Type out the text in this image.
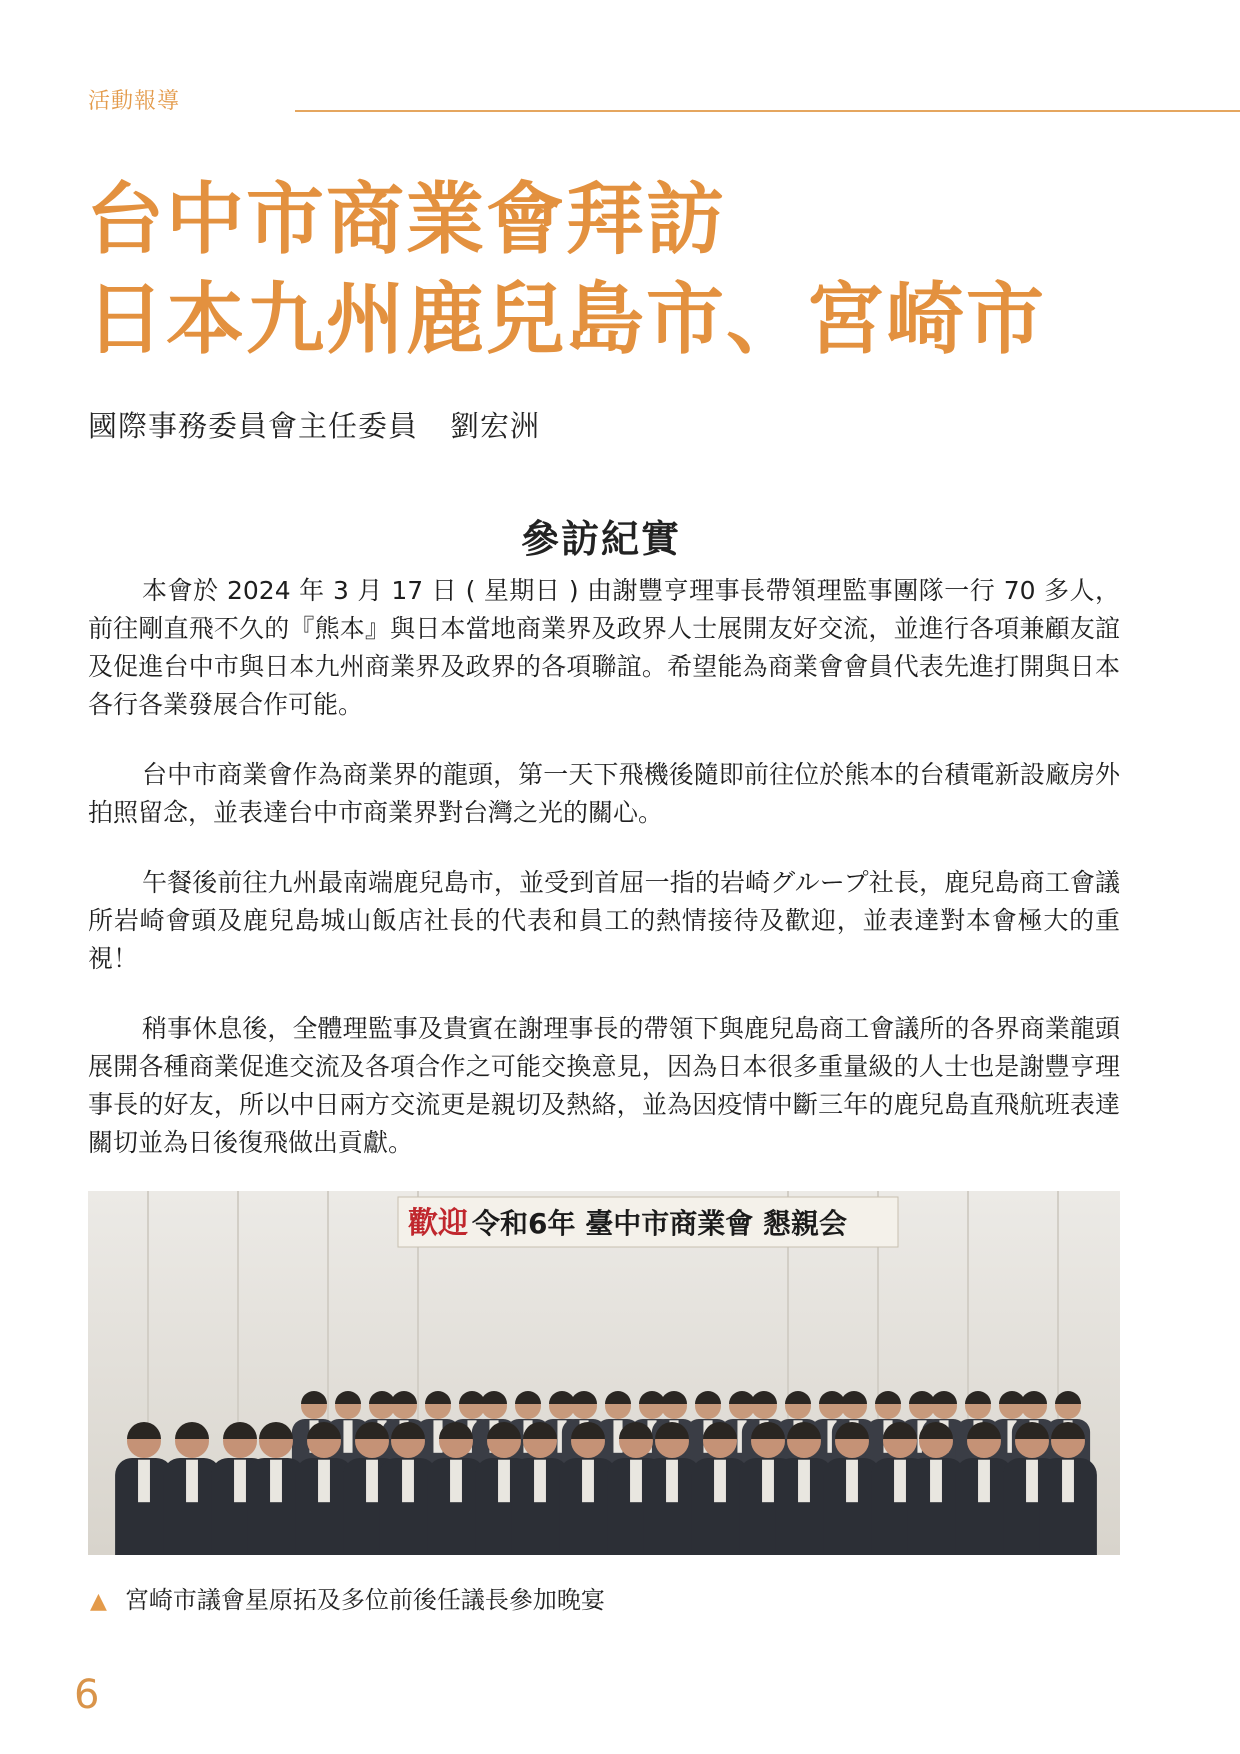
活動報導
台中市商業會拜訪
日本九州鹿兒島市、宮崎市
國際事務委員會主任委員 劉宏洲
參訪紀實

本會於 2024 年 3 月 17 日 ( 星期日 ) 由謝豐亨理事長帶領理監事團隊一行 70 多人，前往剛直飛不久的『熊本』與日本當地商業界及政界人士展開友好交流，並進行各項兼顧友誼及促進台中市與日本九州商業界及政界的各項聯誼。希望能為商業會會員代表先進打開與日本各行各業發展合作可能。

台中市商業會作為商業界的龍頭，第一天下飛機後隨即前往位於熊本的台積電新設廠房外拍照留念，並表達台中市商業界對台灣之光的關心。

午餐後前往九州最南端鹿兒島市，並受到首屈一指的岩崎グループ社長，鹿兒島商工會議所岩崎會頭及鹿兒島城山飯店社長的代表和員工的熱情接待及歡迎，並表達對本會極大的重視！

稍事休息後，全體理監事及貴賓在謝理事長的帶領下與鹿兒島商工會議所的各界商業龍頭展開各種商業促進交流及各項合作之可能交換意見，因為日本很多重量級的人士也是謝豐亨理事長的好友，所以中日兩方交流更是親切及熱絡，並為因疫情中斷三年的鹿兒島直飛航班表達關切並為日後復飛做出貢獻。

歡迎 令和6年 臺中市商業會 懇親会
▲ 宮崎市議會星原拓及多位前後任議長參加晚宴
6
